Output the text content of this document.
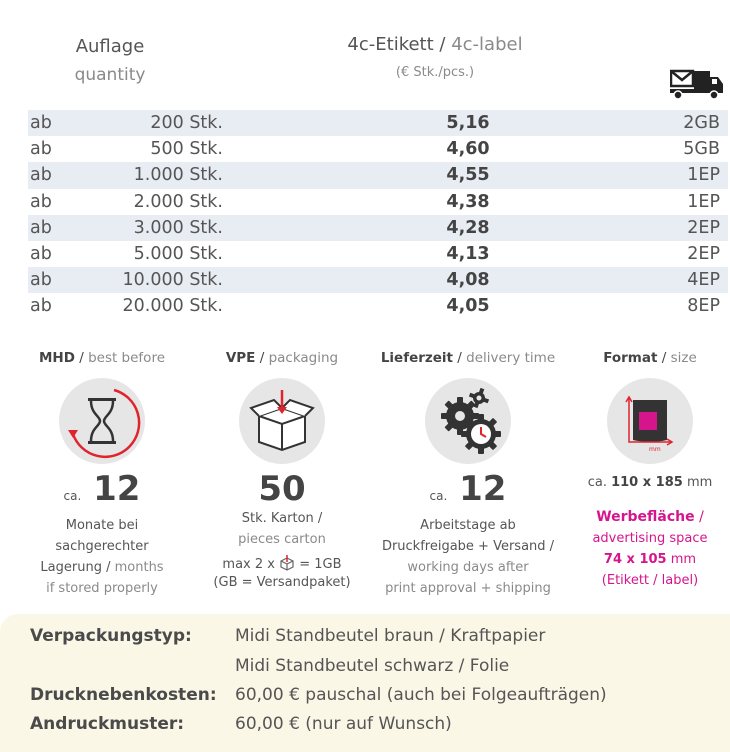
Auflage
quantity
4c-Etikett / 4c-label
(€ Stk./pcs.)
ab	200 Stk.	5,16	2GB
ab	500 Stk.	4,60	5GB
ab	1.000 Stk.	4,55	1EP
ab	2.000 Stk.	4,38	1EP
ab	3.000 Stk.	4,28	2EP
ab	5.000 Stk.	4,13	2EP
ab	10.000 Stk.	4,08	4EP
ab	20.000 Stk.	4,05	8EP
MHD / best before
ca. 12
Monate bei
sachgerechter
Lagerung / months
if stored properly
VPE / packaging
50
Stk. Karton /
pieces carton
max 2 x = 1GB
(GB = Versandpaket)
Lieferzeit / delivery time
ca. 12
Arbeitstage ab
Druckfreigabe + Versand /
working days after
print approval + shipping
Format / size
mm
ca. 110 x 185 mm
Werbefläche /
advertising space
74 x 105 mm
(Etikett / label)
Verpackungstyp:	Midi Standbeutel braun / Kraftpapier
Midi Standbeutel schwarz / Folie
Drucknebenkosten:	60,00 € pauschal (auch bei Folgeaufträgen)
Andruckmuster:	60,00 € (nur auf Wunsch)
